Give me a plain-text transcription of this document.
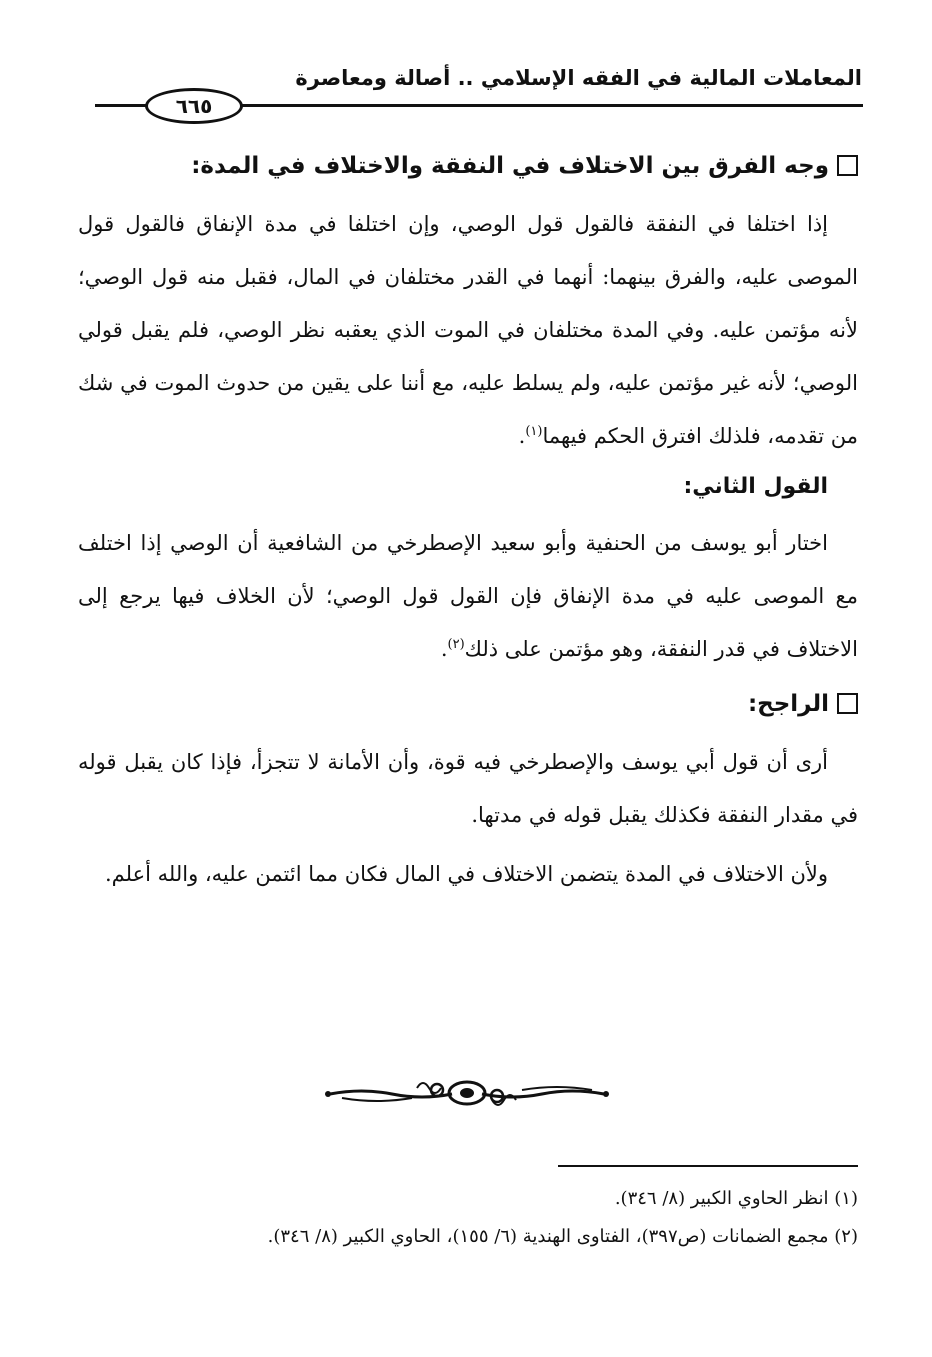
المعاملات المالية في الفقه الإسلامي .. أصالة ومعاصرة
٦٦٥
وجه الفرق بين الاختلاف في النفقة والاختلاف في المدة:

إذا اختلفا في النفقة فالقول قول الوصي، وإن اختلفا في مدة الإنفاق فالقول قول الموصى عليه، والفرق بينهما: أنهما في القدر مختلفان في المال، فقبل منه قول الوصي؛ لأنه مؤتمن عليه. وفي المدة مختلفان في الموت الذي يعقبه نظر الوصي، فلم يقبل قولي الوصي؛ لأنه غير مؤتمن عليه، ولم يسلط عليه، مع أننا على يقين من حدوث الموت في شك من تقدمه، فلذلك افترق الحكم فيهما$^{(١)}$.

القول الثاني:

اختار أبو يوسف من الحنفية وأبو سعيد الإصطرخي من الشافعية أن الوصي إذا اختلف مع الموصى عليه في مدة الإنفاق فإن القول قول الوصي؛ لأن الخلاف فيها يرجع إلى الاختلاف في قدر النفقة، وهو مؤتمن على ذلك$^{(٢)}$.

الراجح:

أرى أن قول أبي يوسف والإصطرخي فيه قوة، وأن الأمانة لا تتجزأ، فإذا كان يقبل قوله في مقدار النفقة فكذلك يقبل قوله في مدتها.

ولأن الاختلاف في المدة يتضمن الاختلاف في المال فكان مما ائتمن عليه، والله أعلم.

(١) انظر الحاوي الكبير (٨/ ٣٤٦).
(٢) مجمع الضمانات (ص٣٩٧)، الفتاوى الهندية (٦/ ١٥٥)، الحاوي الكبير (٨/ ٣٤٦).
